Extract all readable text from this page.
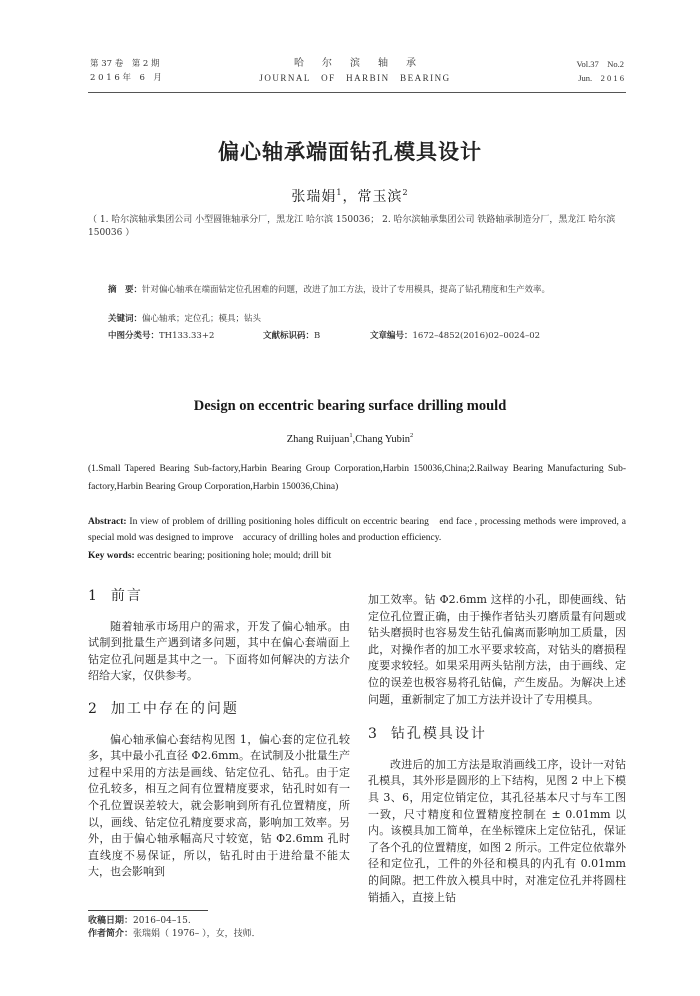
第 37 卷　第 2 期
2 0 1 6 年　6　月
哈尔滨轴承
JOURNAL　OF　HARBIN　BEARING
Vol.37　No.2
Jun.　2 0 1 6
偏心轴承端面钻孔模具设计
张瑞娟$^1$，常玉滨$^2$
（ 1. 哈尔滨轴承集团公司 小型圆锥轴承分厂，黑龙江 哈尔滨 150036； 2. 哈尔滨轴承集团公司 铁路轴承制造分厂，黑龙江 哈尔滨 150036 ）
摘　要：针对偏心轴承在端面钻定位孔困难的问题，改进了加工方法，设计了专用模具，提高了钻孔精度和生产效率。
关键词：偏心轴承；定位孔；模具；钻头
中图分类号：TH133.33+2	文献标识码：B	文章编号：1672–4852(2016)02–0024–02
Design on eccentric bearing surface drilling mould
Zhang Ruijuan$^1$,Chang Yubin$^2$
(1.Small Tapered Bearing Sub-factory,Harbin Bearing Group Corporation,Harbin 150036,China;2.Railway Bearing Manufacturing Sub-factory,Harbin Bearing Group Corporation,Harbin 150036,China)
Abstract: In view of problem of drilling positioning holes difficult on eccentric bearing　end face , processing methods were improved, a special mold was designed to improve　accuracy of drilling holes and production efficiency.
Key words: eccentric bearing; positioning hole; mould; drill bit
1 前言

随着轴承市场用户的需求，开发了偏心轴承。由试制到批量生产遇到诸多问题，其中在偏心套端面上钻定位孔问题是其中之一。下面将如何解决的方法介绍给大家，仅供参考。

2 加工中存在的问题

偏心轴承偏心套结构见图 1，偏心套的定位孔较多，其中最小孔直径 Φ2.6mm。在试制及小批量生产过程中采用的方法是画线、钻定位孔、钻孔。由于定位孔较多，相互之间有位置精度要求，钻孔时如有一个孔位置误差较大，就会影响到所有孔位置精度，所以，画线、钻定位孔精度要求高，影响加工效率。另外，由于偏心轴承幅高尺寸较宽，钻 Φ2.6mm 孔时直线度不易保证，所以，钻孔时由于进给量不能太大，也会影响到

加工效率。钻 Φ2.6mm 这样的小孔，即使画线、钻定位孔位置正确，由于操作者钻头刃磨质量有问题或钻头磨损时也容易发生钻孔偏离而影响加工质量，因此，对操作者的加工水平要求较高，对钻头的磨损程度要求较轻。如果采用两头钻削方法，由于画线、定位的误差也极容易将孔钻偏，产生废品。为解决上述问题，重新制定了加工方法并设计了专用模具。

3 钻孔模具设计

改进后的加工方法是取消画线工序，设计一对钻孔模具，其外形是圆形的上下结构，见图 2 中上下模具 3、6，用定位销定位，其孔径基本尺寸与车工图一致，尺寸精度和位置精度控制在 ± 0.01mm 以内。该模具加工简单，在坐标镗床上定位钻孔，保证了各个孔的位置精度，如图 2 所示。工件定位依靠外径和定位孔，工件的外径和模具的内孔有 0.01mm 的间隙。把工件放入模具中时，对准定位孔并将圆柱销插入，直接上钻

收稿日期：2016–04–15.
作者简介：张瑞娟（ 1976– ），女，技师．
